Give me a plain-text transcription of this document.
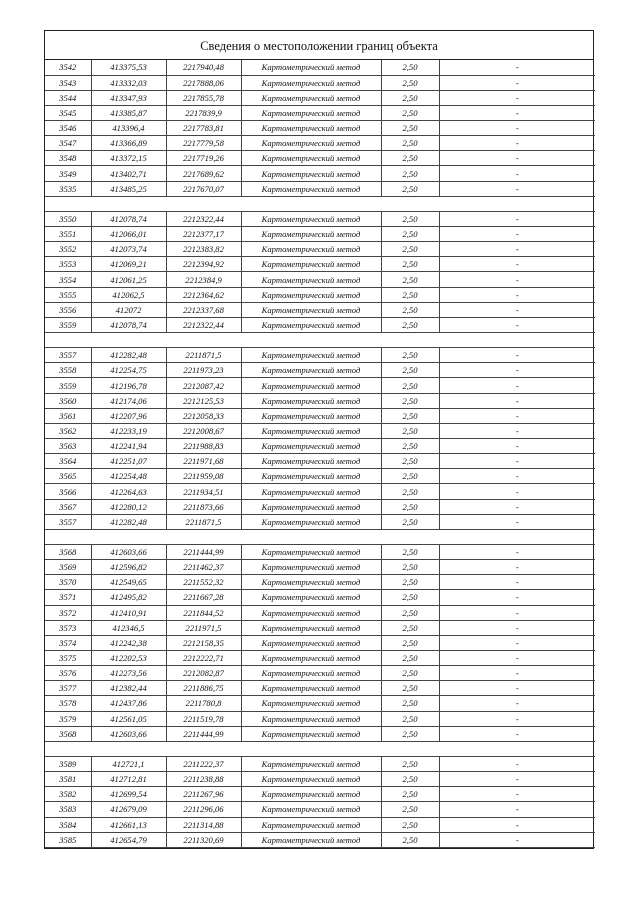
Сведения о местоположении границ объекта
3542	413375,53	2217940,48	Картометрический метод	2,50	-
3543	413332,03	2217888,06	Картометрический метод	2,50	-
3544	413347,93	2217855,78	Картометрический метод	2,50	-
3545	413385,87	2217839,9	Картометрический метод	2,50	-
3546	413396,4	2217783,81	Картометрический метод	2,50	-
3547	413366,89	2217779,58	Картометрический метод	2,50	-
3548	413372,15	2217719,26	Картометрический метод	2,50	-
3549	413402,71	2217689,62	Картометрический метод	2,50	-
3535	413485,25	2217670,07	Картометрический метод	2,50	-

3550	412078,74	2212322,44	Картометрический метод	2,50	-
3551	412066,01	2212377,17	Картометрический метод	2,50	-
3552	412073,74	2212383,82	Картометрический метод	2,50	-
3553	412069,21	2212394,92	Картометрический метод	2,50	-
3554	412061,25	2212384,9	Картометрический метод	2,50	-
3555	412062,5	2212364,62	Картометрический метод	2,50	-
3556	412072	2212337,68	Картометрический метод	2,50	-
3559	412078,74	2212322,44	Картометрический метод	2,50	-

3557	412282,48	2211871,5	Картометрический метод	2,50	-
3558	412254,75	2211973,23	Картометрический метод	2,50	-
3559	412196,78	2212087,42	Картометрический метод	2,50	-
3560	412174,06	2212125,53	Картометрический метод	2,50	-
3561	412207,96	2212058,33	Картометрический метод	2,50	-
3562	412233,19	2212008,67	Картометрический метод	2,50	-
3563	412241,94	2211988,83	Картометрический метод	2,50	-
3564	412251,07	2211971,68	Картометрический метод	2,50	-
3565	412254,48	2211959,08	Картометрический метод	2,50	-
3566	412264,63	2211934,51	Картометрический метод	2,50	-
3567	412280,12	2211873,66	Картометрический метод	2,50	-
3557	412282,48	2211871,5	Картометрический метод	2,50	-

3568	412603,66	2211444,99	Картометрический метод	2,50	-
3569	412596,82	2211462,37	Картометрический метод	2,50	-
3570	412549,65	2211552,32	Картометрический метод	2,50	-
3571	412495,82	2211667,28	Картометрический метод	2,50	-
3572	412410,91	2211844,52	Картометрический метод	2,50	-
3573	412346,5	2211971,5	Картометрический метод	2,50	-
3574	412242,38	2212158,35	Картометрический метод	2,50	-
3575	412202,53	2212222,71	Картометрический метод	2,50	-
3576	412273,56	2212082,87	Картометрический метод	2,50	-
3577	412382,44	2211886,75	Картометрический метод	2,50	-
3578	412437,86	2211780,8	Картометрический метод	2,50	-
3579	412561,05	2211519,78	Картометрический метод	2,50	-
3568	412603,66	2211444,99	Картометрический метод	2,50	-

3589	412721,1	2211222,37	Картометрический метод	2,50	-
3581	412712,81	2211238,88	Картометрический метод	2,50	-
3582	412699,54	2211267,96	Картометрический метод	2,50	-
3583	412679,09	2211296,06	Картометрический метод	2,50	-
3584	412661,13	2211314,88	Картометрический метод	2,50	-
3585	412654,79	2211320,69	Картометрический метод	2,50	-
